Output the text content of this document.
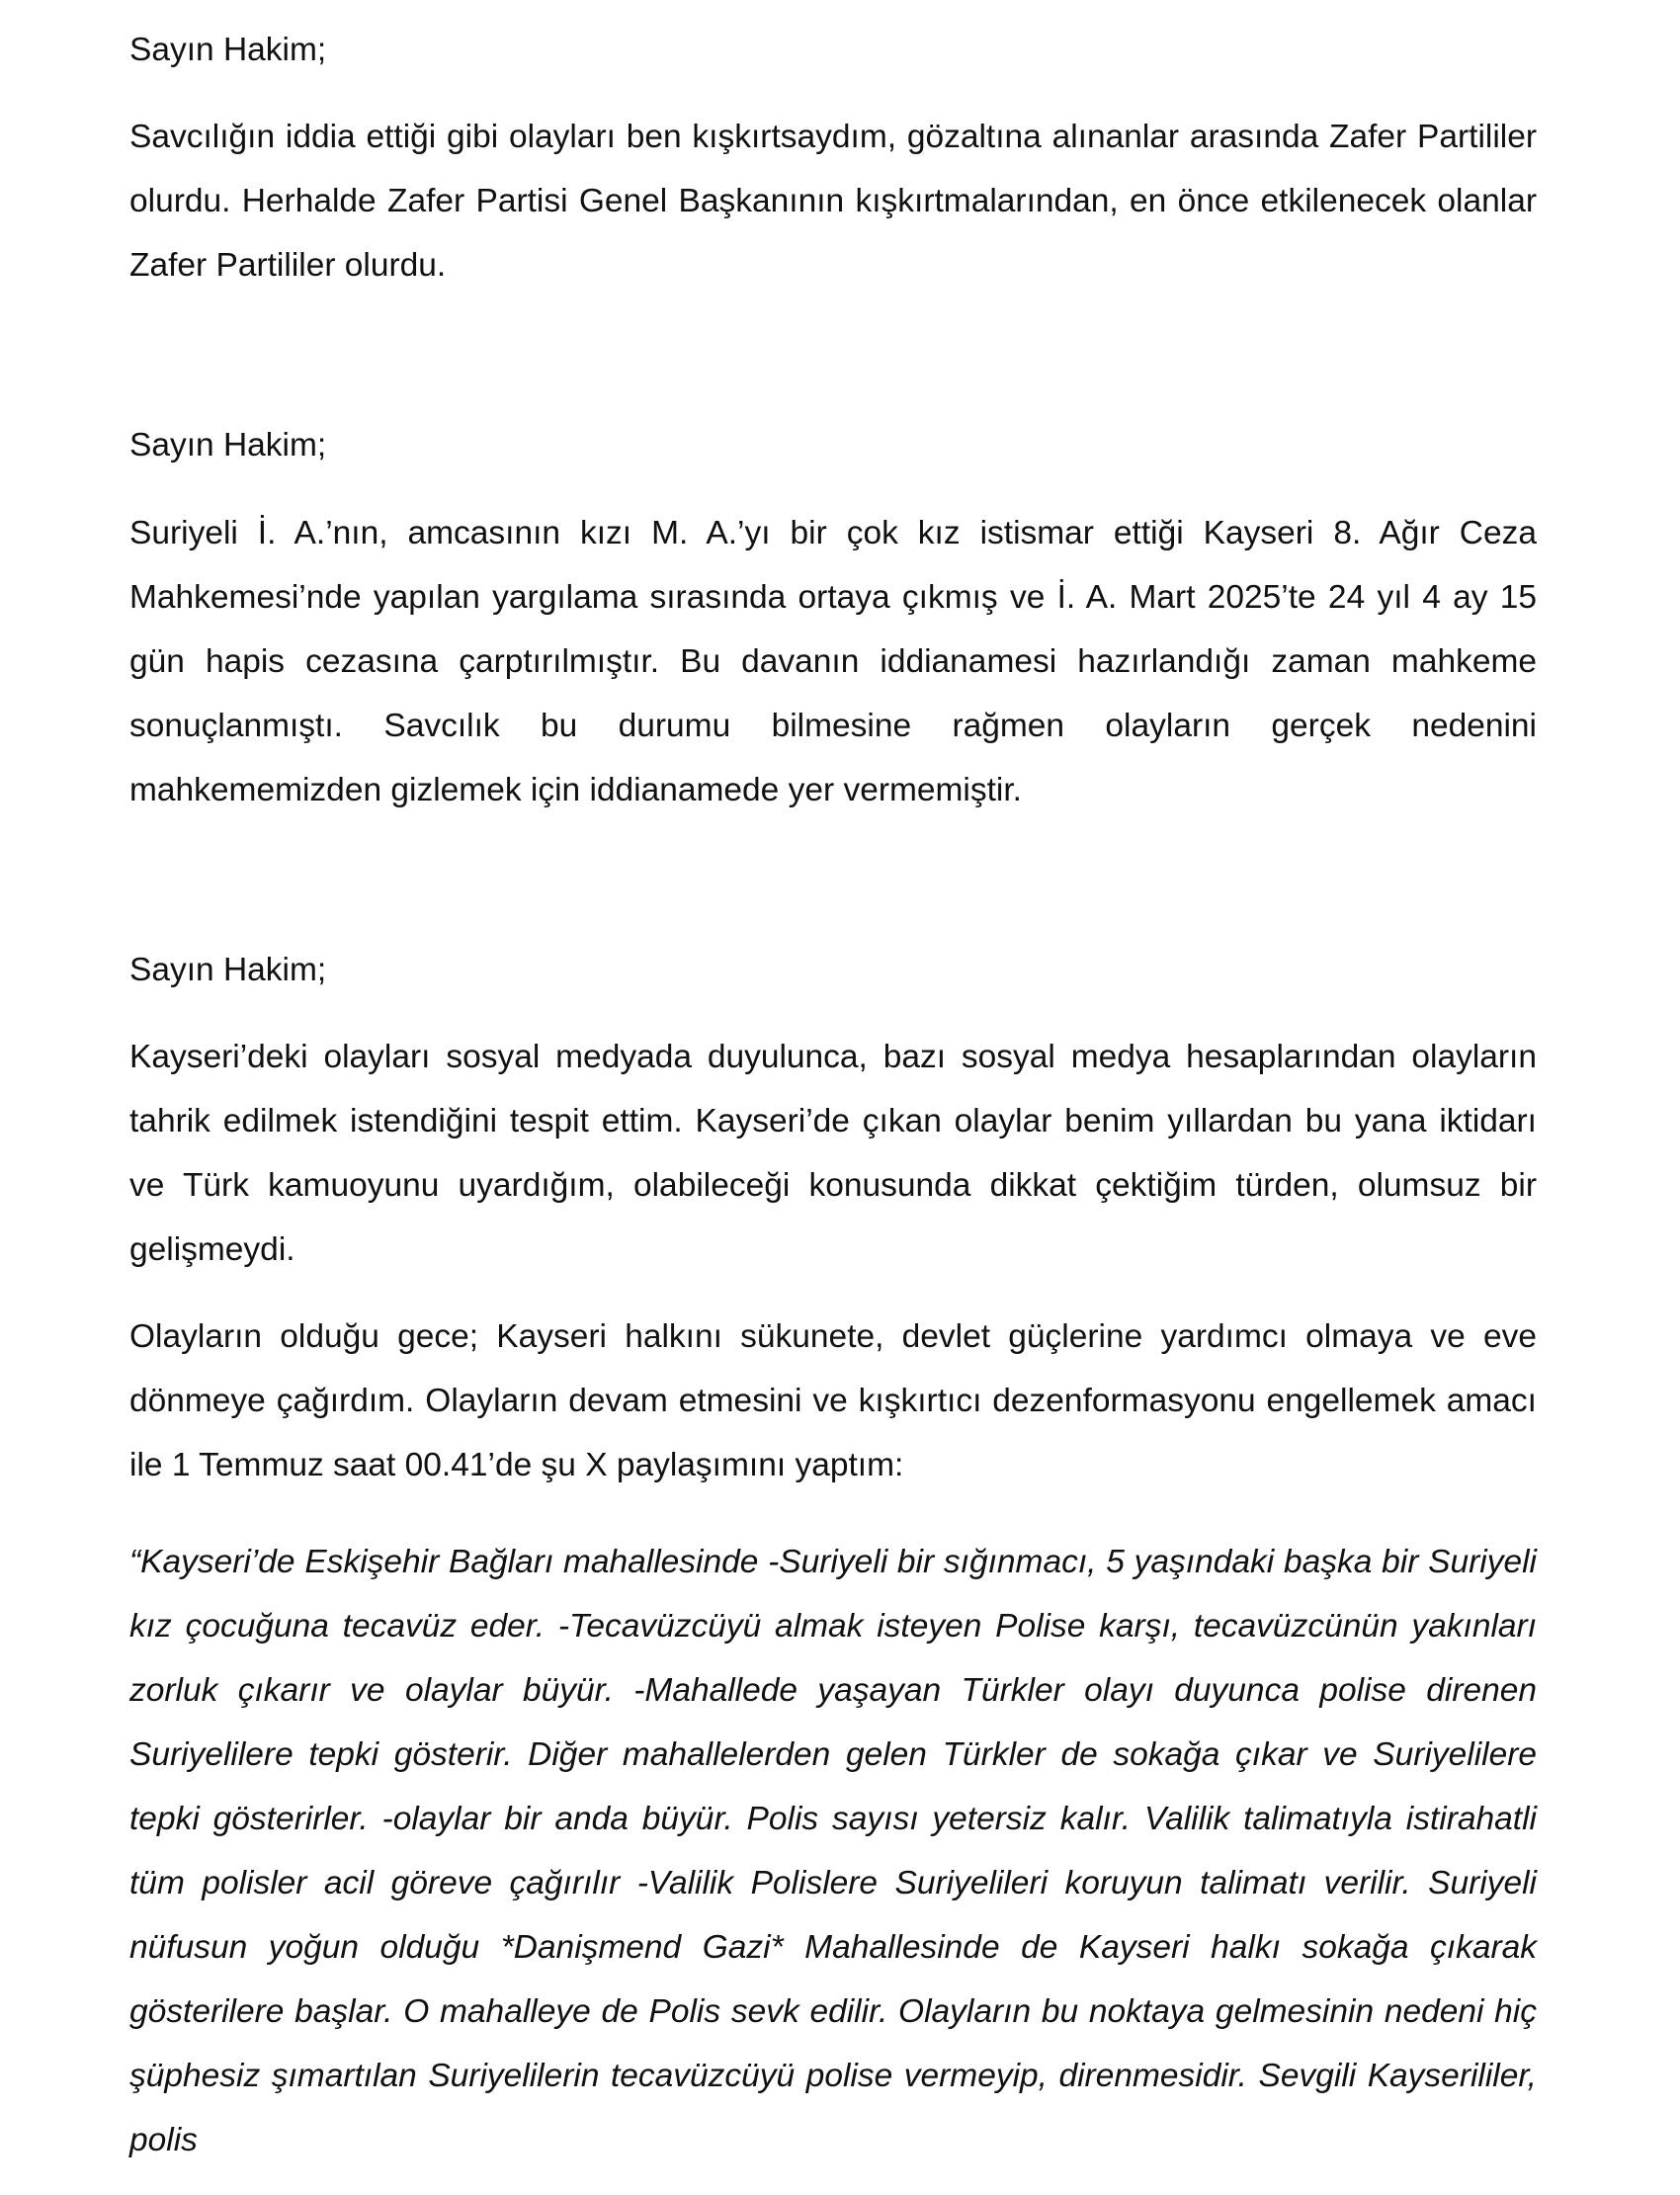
Sayın Hakim;

Savcılığın iddia ettiği gibi olayları ben kışkırtsaydım, gözaltına alınanlar arasında Zafer Partililer olurdu. Herhalde Zafer Partisi Genel Başkanının kışkırtmalarından, en önce etkilenecek olanlar Zafer Partililer olurdu.

Sayın Hakim;

Suriyeli İ. A.’nın, amcasının kızı M. A.’yı bir çok kız istismar ettiği Kayseri 8. Ağır Ceza Mahkemesi’nde yapılan yargılama sırasında ortaya çıkmış ve İ. A. Mart 2025’te 24 yıl 4 ay 15 gün hapis cezasına çarptırılmıştır. Bu davanın iddianamesi hazırlandığı zaman mahkeme sonuçlanmıştı. Savcılık bu durumu bilmesine rağmen olayların gerçek nedenini mahkememizden gizlemek için iddianamede yer vermemiştir.

Sayın Hakim;

Kayseri’deki olayları sosyal medyada duyulunca, bazı sosyal medya hesaplarından olayların tahrik edilmek istendiğini tespit ettim. Kayseri’de çıkan olaylar benim yıllardan bu yana iktidarı ve Türk kamuoyunu uyardığım, olabileceği konusunda dikkat çektiğim türden, olumsuz bir gelişmeydi.

Olayların olduğu gece; Kayseri halkını sükunete, devlet güçlerine yardımcı olmaya ve eve dönmeye çağırdım. Olayların devam etmesini ve kışkırtıcı dezenformasyonu engellemek amacı ile 1 Temmuz saat 00.41’de şu X paylaşımını yaptım:

“Kayseri’de Eskişehir Bağları mahallesinde -Suriyeli bir sığınmacı, 5 yaşındaki başka bir Suriyeli kız çocuğuna tecavüz eder. -Tecavüzcüyü almak isteyen Polise karşı, tecavüzcünün yakınları zorluk çıkarır ve olaylar büyür. -Mahallede yaşayan Türkler olayı duyunca polise direnen Suriyelilere tepki gösterir. Diğer mahallelerden gelen Türkler de sokağa çıkar ve Suriyelilere tepki gösterirler. -olaylar bir anda büyür. Polis sayısı yetersiz kalır. Valilik talimatıyla istirahatli tüm polisler acil göreve çağırılır -Valilik Polislere Suriyelileri koruyun talimatı verilir. Suriyeli nüfusun yoğun olduğu *Danişmend Gazi* Mahallesinde de Kayseri halkı sokağa çıkarak gösterilere başlar. O mahalleye de Polis sevk edilir. Olayların bu noktaya gelmesinin nedeni hiç şüphesiz şımartılan Suriyelilerin tecavüzcüyü polise vermeyip, direnmesidir. Sevgili Kayserililer, polis
